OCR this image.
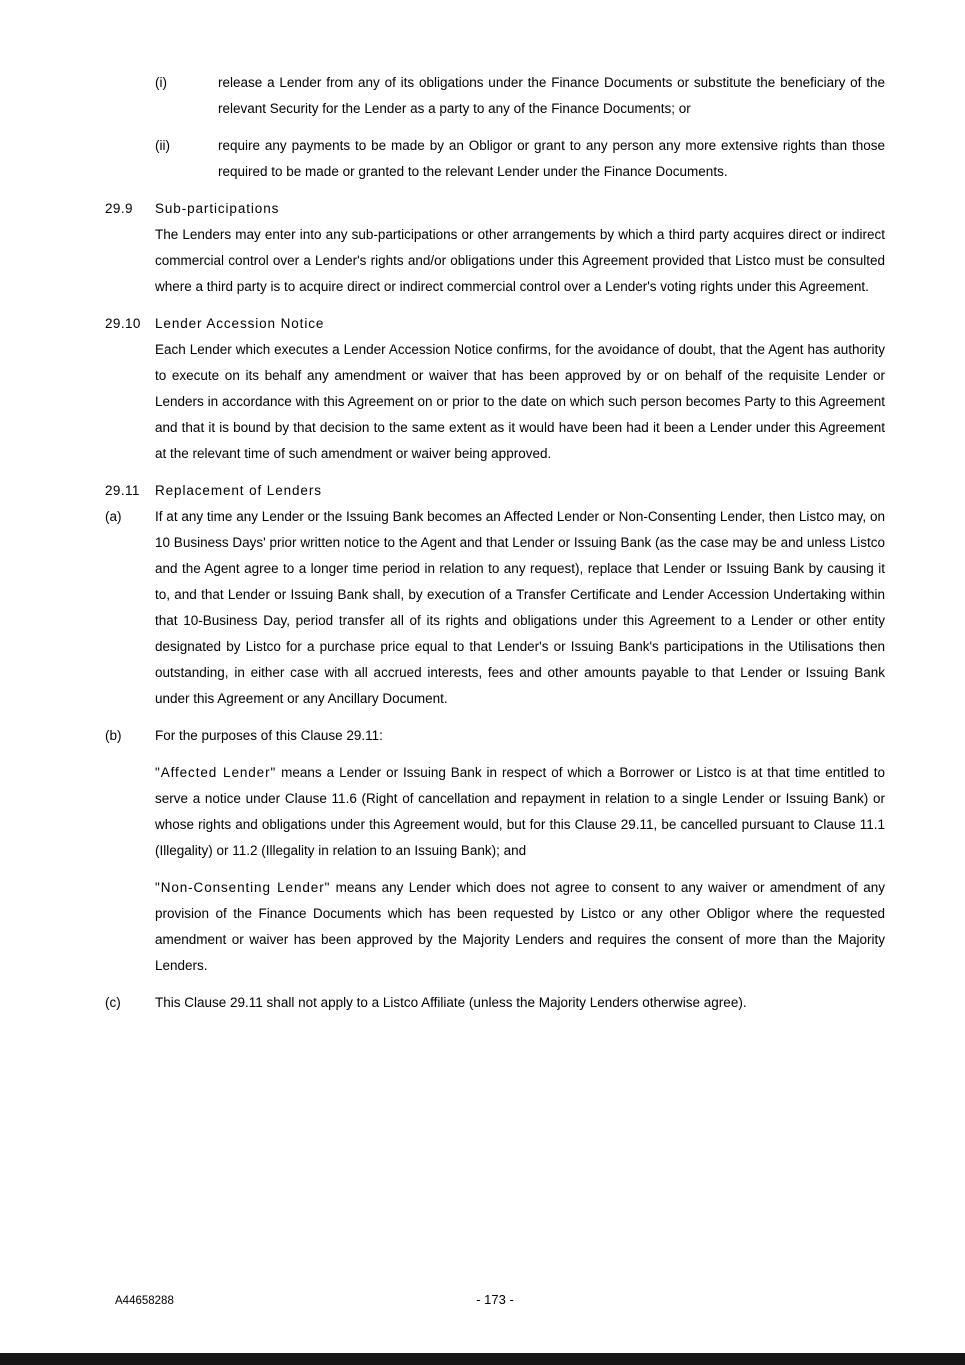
(i)	release a Lender from any of its obligations under the Finance Documents or substitute the beneficiary of the relevant Security for the Lender as a party to any of the Finance Documents; or

(ii)	require any payments to be made by an Obligor or grant to any person any more extensive rights than those required to be made or granted to the relevant Lender under the Finance Documents.

29.9	Sub-participations

The Lenders may enter into any sub-participations or other arrangements by which a third party acquires direct or indirect commercial control over a Lender's rights and/or obligations under this Agreement provided that Listco must be consulted where a third party is to acquire direct or indirect commercial control over a Lender's voting rights under this Agreement.

29.10	Lender Accession Notice

Each Lender which executes a Lender Accession Notice confirms, for the avoidance of doubt, that the Agent has authority to execute on its behalf any amendment or waiver that has been approved by or on behalf of the requisite Lender or Lenders in accordance with this Agreement on or prior to the date on which such person becomes Party to this Agreement and that it is bound by that decision to the same extent as it would have been had it been a Lender under this Agreement at the relevant time of such amendment or waiver being approved.

29.11	Replacement of Lenders
(a)	If at any time any Lender or the Issuing Bank becomes an Affected Lender or Non-Consenting Lender, then Listco may, on 10 Business Days' prior written notice to the Agent and that Lender or Issuing Bank (as the case may be and unless Listco and the Agent agree to a longer time period in relation to any request), replace that Lender or Issuing Bank by causing it to, and that Lender or Issuing Bank shall, by execution of a Transfer Certificate and Lender Accession Undertaking within that 10-Business Day, period transfer all of its rights and obligations under this Agreement to a Lender or other entity designated by Listco for a purchase price equal to that Lender's or Issuing Bank's participations in the Utilisations then outstanding, in either case with all accrued interests, fees and other amounts payable to that Lender or Issuing Bank under this Agreement or any Ancillary Document.

(b)	For the purposes of this Clause 29.11:

"Affected Lender" means a Lender or Issuing Bank in respect of which a Borrower or Listco is at that time entitled to serve a notice under Clause 11.6 (Right of cancellation and repayment in relation to a single Lender or Issuing Bank) or whose rights and obligations under this Agreement would, but for this Clause 29.11, be cancelled pursuant to Clause 11.1 (Illegality) or 11.2 (Illegality in relation to an Issuing Bank); and

"Non-Consenting Lender" means any Lender which does not agree to consent to any waiver or amendment of any provision of the Finance Documents which has been requested by Listco or any other Obligor where the requested amendment or waiver has been approved by the Majority Lenders and requires the consent of more than the Majority Lenders.

(c)	This Clause 29.11 shall not apply to a Listco Affiliate (unless the Majority Lenders otherwise agree).

A44658288	- 173 -
